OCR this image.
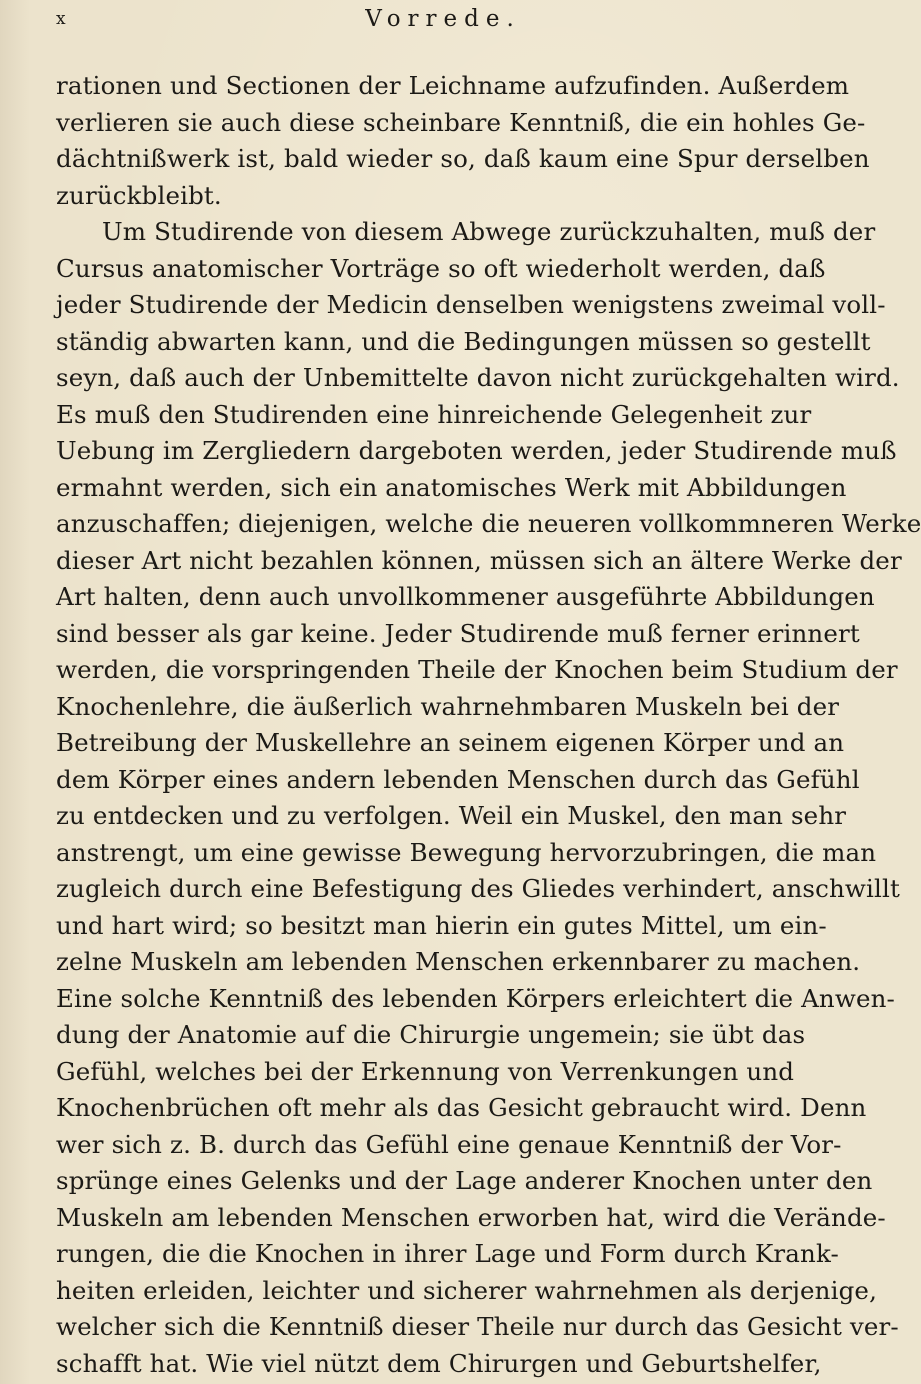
x	Vorrede.
rationen und Sectionen der Leichname aufzufinden. Außerdem
verlieren sie auch diese scheinbare Kenntniß, die ein hohles Ge-
dächtnißwerk ist, bald wieder so, daß kaum eine Spur derselben
zurückbleibt.
Um Studirende von diesem Abwege zurückzuhalten, muß der
Cursus anatomischer Vorträge so oft wiederholt werden, daß
jeder Studirende der Medicin denselben wenigstens zweimal voll-
ständig abwarten kann, und die Bedingungen müssen so gestellt
seyn, daß auch der Unbemittelte davon nicht zurückgehalten wird.
Es muß den Studirenden eine hinreichende Gelegenheit zur
Uebung im Zergliedern dargeboten werden, jeder Studirende muß
ermahnt werden, sich ein anatomisches Werk mit Abbildungen
anzuschaffen; diejenigen, welche die neueren vollkommneren Werke
dieser Art nicht bezahlen können, müssen sich an ältere Werke der
Art halten, denn auch unvollkommener ausgeführte Abbildungen
sind besser als gar keine. Jeder Studirende muß ferner erinnert
werden, die vorspringenden Theile der Knochen beim Studium der
Knochenlehre, die äußerlich wahrnehmbaren Muskeln bei der
Betreibung der Muskellehre an seinem eigenen Körper und an
dem Körper eines andern lebenden Menschen durch das Gefühl
zu entdecken und zu verfolgen. Weil ein Muskel, den man sehr
anstrengt, um eine gewisse Bewegung hervorzubringen, die man
zugleich durch eine Befestigung des Gliedes verhindert, anschwillt
und hart wird; so besitzt man hierin ein gutes Mittel, um ein-
zelne Muskeln am lebenden Menschen erkennbarer zu machen.
Eine solche Kenntniß des lebenden Körpers erleichtert die Anwen-
dung der Anatomie auf die Chirurgie ungemein; sie übt das
Gefühl, welches bei der Erkennung von Verrenkungen und
Knochenbrüchen oft mehr als das Gesicht gebraucht wird. Denn
wer sich z. B. durch das Gefühl eine genaue Kenntniß der Vor-
sprünge eines Gelenks und der Lage anderer Knochen unter den
Muskeln am lebenden Menschen erworben hat, wird die Verände-
rungen, die die Knochen in ihrer Lage und Form durch Krank-
heiten erleiden, leichter und sicherer wahrnehmen als derjenige,
welcher sich die Kenntniß dieser Theile nur durch das Gesicht ver-
schafft hat. Wie viel nützt dem Chirurgen und Geburtshelfer,
